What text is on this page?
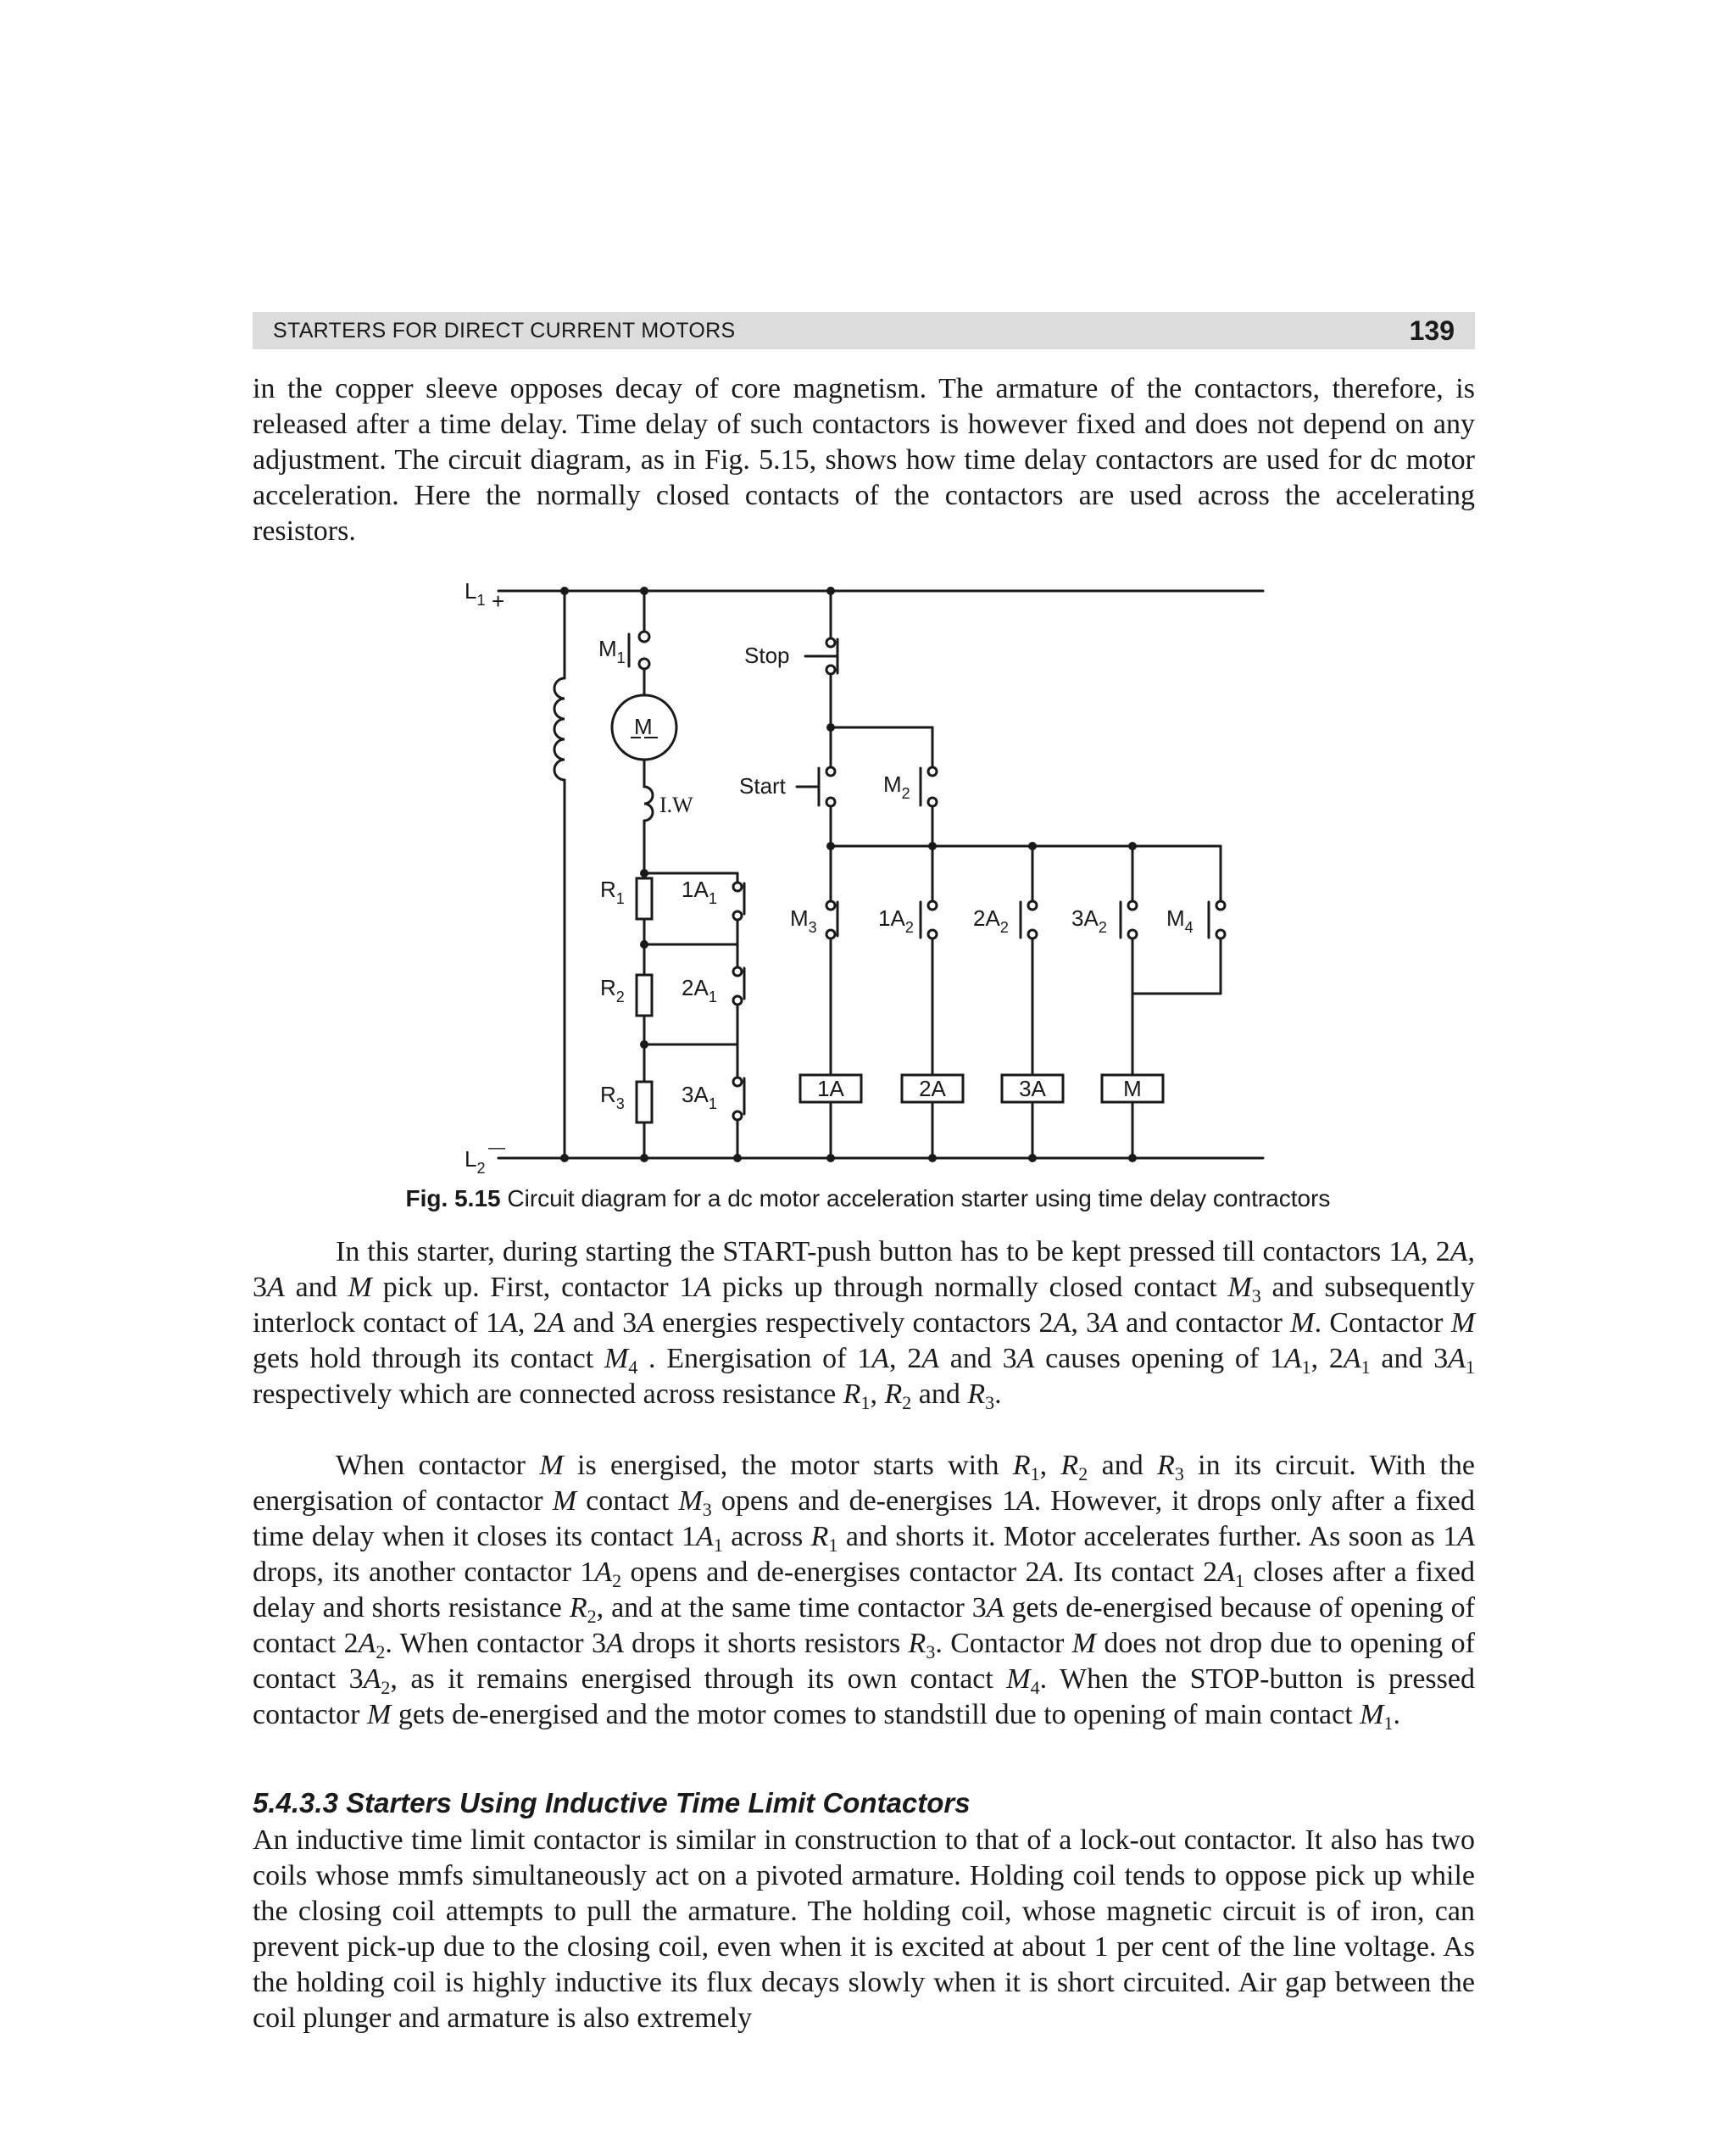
STARTERS FOR DIRECT CURRENT MOTORS	139

in the copper sleeve opposes decay of core magnetism. The armature of the contactors, therefore, is released after a time delay. Time delay of such contactors is however fixed and does not depend on any adjustment. The circuit diagram, as in Fig. 5.15, shows how time delay contactors are used for dc motor acceleration. Here the normally closed contacts of the contactors are used across the accelerating resistors.

$L_1$ +
$L_2$
—
M
I.W
$M_1$	Stop
Start	$M_2$
$M_3$	$1A_2$	$2A_2$	$3A_2$	$M_4$
$R_1$
$R_2$
$R_3$
$1A_1$
$2A_1$
$3A_1$
1A	2A	3A	M
Fig. 5.15 Circuit diagram for a dc motor acceleration starter using time delay contractors

In this starter, during starting the START-push button has to be kept pressed till contactors 1A, 2A, 3A and M pick up. First, contactor 1A picks up through normally closed contact $M_3$ and subsequently interlock contact of 1A, 2A and 3A energies respectively contactors 2A, 3A and contactor M. Contactor M gets hold through its contact $M_4$ . Energisation of 1A, 2A and 3A causes opening of $1A_1$, $2A_1$ and $3A_1$ respectively which are connected across resistance $R_1$, $R_2$ and $R_3$.

When contactor M is energised, the motor starts with $R_1$, $R_2$ and $R_3$ in its circuit. With the energisation of contactor M contact $M_3$ opens and de-energises 1A. However, it drops only after a fixed time delay when it closes its contact $1A_1$ across $R_1$ and shorts it. Motor accelerates further. As soon as 1A drops, its another contactor $1A_2$ opens and de-energises contactor 2A. Its contact $2A_1$ closes after a fixed delay and shorts resistance $R_2$, and at the same time contactor 3A gets de-energised because of opening of contact $2A_2$. When contactor 3A drops it shorts resistors $R_3$. Contactor M does not drop due to opening of contact $3A_2$, as it remains energised through its own contact $M_4$. When the STOP-button is pressed contactor M gets de-energised and the motor comes to standstill due to opening of main contact $M_1$.

5.4.3.3 Starters Using Inductive Time Limit Contactors

An inductive time limit contactor is similar in construction to that of a lock-out contactor. It also has two coils whose mmfs simultaneously act on a pivoted armature. Holding coil tends to oppose pick up while the closing coil attempts to pull the armature. The holding coil, whose magnetic circuit is of iron, can prevent pick-up due to the closing coil, even when it is excited at about 1 per cent of the line voltage. As the holding coil is highly inductive its flux decays slowly when it is short circuited. Air gap between the coil plunger and armature is also extremely
